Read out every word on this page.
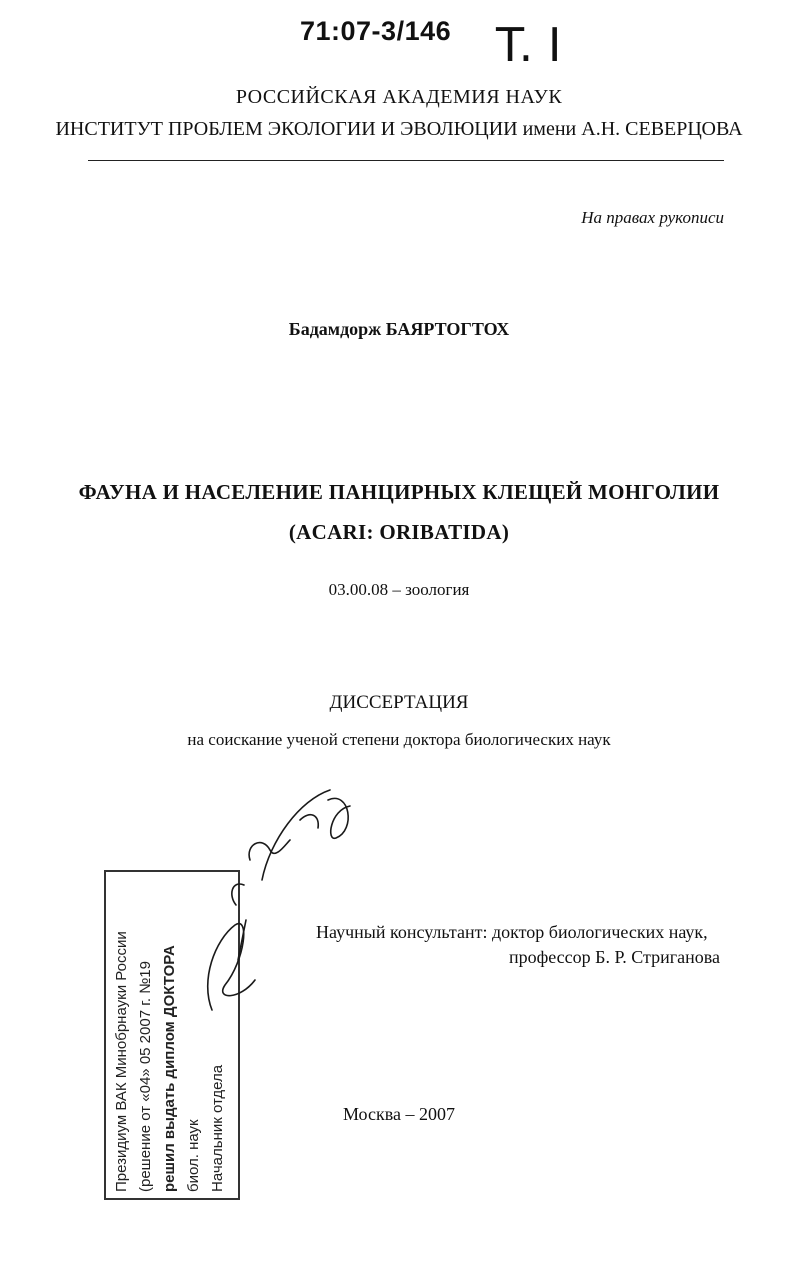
71:07-3/146 T. I
РОССИЙСКАЯ АКАДЕМИЯ НАУК
ИНСТИТУТ ПРОБЛЕМ ЭКОЛОГИИ И ЭВОЛЮЦИИ имени А.Н. СЕВЕРЦОВА
На правах рукописи
Бадамдорж БАЯРТОГТОХ
ФАУНА И НАСЕЛЕНИЕ ПАНЦИРНЫХ КЛЕЩЕЙ МОНГОЛИИ
(ACARI: ORIBATIDA)
03.00.08 – зоология
ДИССЕРТАЦИЯ
на соискание ученой степени доктора биологических наук
Научный консультант: доктор биологических наук,
профессор Б. Р. Стриганова
Москва – 2007
Президиум ВАК Минобрнауки России (решение от «04» 05 2007 г. №19 решил выдать диплом ДОКТОРА биол. наук Начальник отдела
